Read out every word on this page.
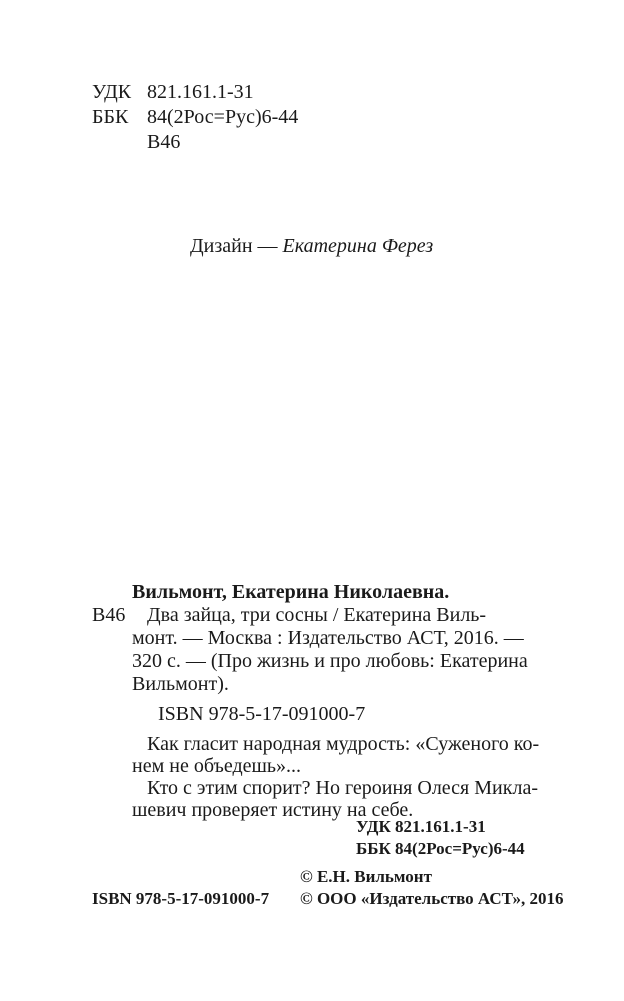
УДК 821.161.1-31
ББК 84(2Рос=Рус)6-44
В46
Дизайн — Екатерина Ферез
Вильмонт, Екатерина Николаевна.
В46 Два зайца, три сосны / Екатерина Виль-
монт. — Москва : Издательство АСТ, 2016. —
320 с. — (Про жизнь и про любовь: Екатерина
Вильмонт).
ISBN 978-5-17-091000-7
Как гласит народная мудрость: «Суженого ко-
нем не объедешь»...
Кто с этим спорит? Но героиня Олеся Микла-
шевич проверяет истину на себе.
УДК 821.161.1-31
ББК 84(2Рос=Рус)6-44
© Е.Н. Вильмонт
ISBN 978-5-17-091000-7 © ООО «Издательство АСТ», 2016
